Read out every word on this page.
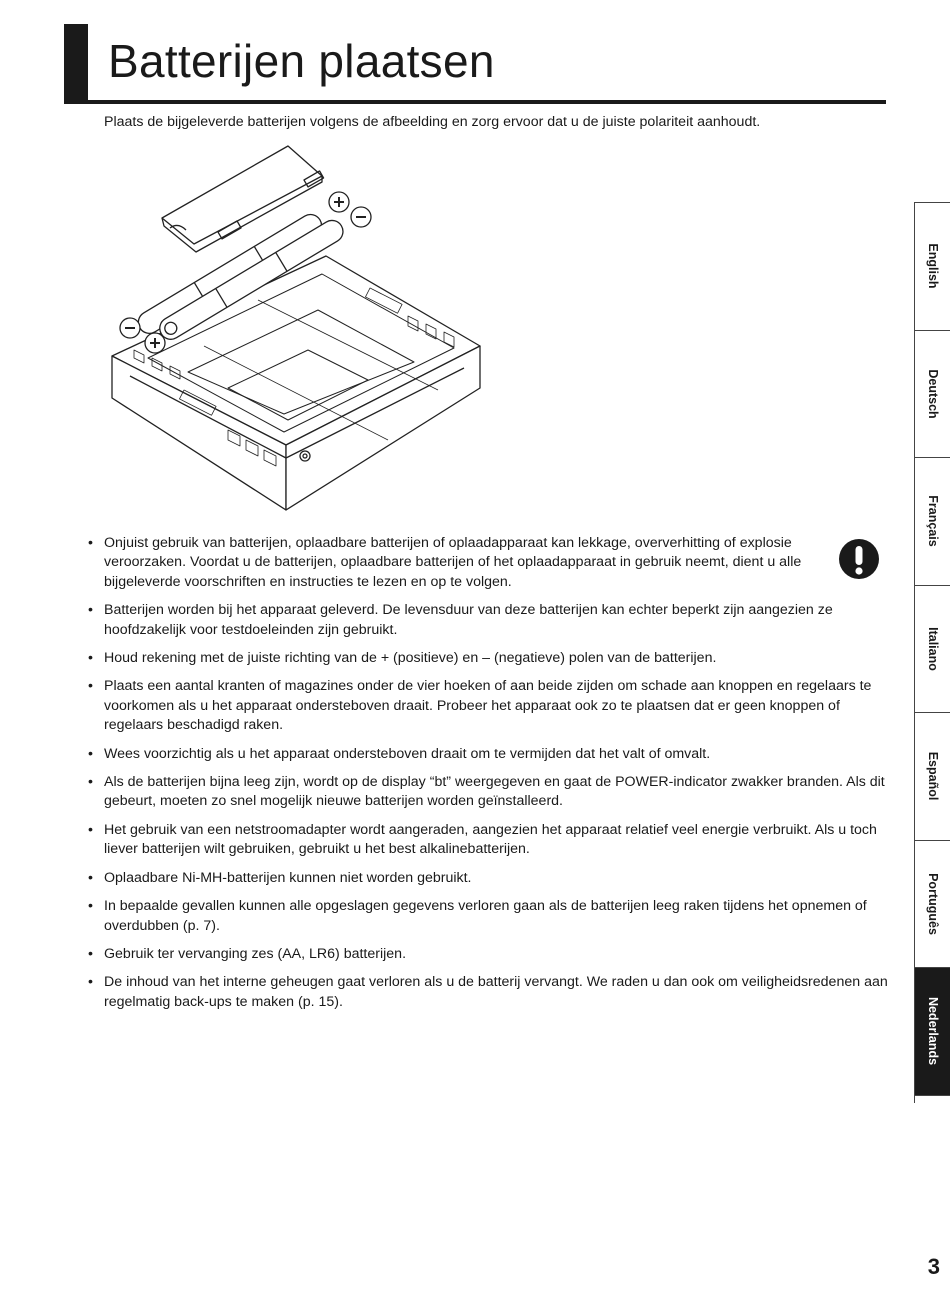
Batterijen plaatsen

Plaats de bijgeleverde batterijen volgens de afbeelding en zorg ervoor dat u de juiste polariteit aanhoudt.

• Onjuist gebruik van batterijen, oplaadbare batterijen of oplaadapparaat kan lekkage, oververhitting of explosie veroorzaken. Voordat u de batterijen, oplaadbare batterijen of het oplaadapparaat in gebruik neemt, dient u alle bijgeleverde voorschriften en instructies te lezen en op te volgen.
• Batterijen worden bij het apparaat geleverd. De levensduur van deze batterijen kan echter beperkt zijn aangezien ze hoofdzakelijk voor testdoeleinden zijn gebruikt.
• Houd rekening met de juiste richting van de + (positieve) en – (negatieve) polen van de batterijen.
• Plaats een aantal kranten of magazines onder de vier hoeken of aan beide zijden om schade aan knoppen en regelaars te voorkomen als u het apparaat ondersteboven draait. Probeer het apparaat ook zo te plaatsen dat er geen knoppen of regelaars beschadigd raken.
• Wees voorzichtig als u het apparaat ondersteboven draait om te vermijden dat het valt of omvalt.
• Als de batterijen bijna leeg zijn, wordt op de display “bt” weergegeven en gaat de POWER-indicator zwakker branden. Als dit gebeurt, moeten zo snel mogelijk nieuwe batterijen worden geïnstalleerd.
• Het gebruik van een netstroomadapter wordt aangeraden, aangezien het apparaat relatief veel energie verbruikt. Als u toch liever batterijen wilt gebruiken, gebruikt u het best alkalinebatterijen.
• Oplaadbare Ni-MH-batterijen kunnen niet worden gebruikt.
• In bepaalde gevallen kunnen alle opgeslagen gegevens verloren gaan als de batterijen leeg raken tijdens het opnemen of overdubben (p. 7).
• Gebruik ter vervanging zes (AA, LR6) batterijen.
• De inhoud van het interne geheugen gaat verloren als u de batterij vervangt. We raden u dan ook om veiligheidsredenen aan regelmatig back-ups te maken (p. 15).
English
Deutsch
Français
Italiano
Español
Português
Nederlands
3
